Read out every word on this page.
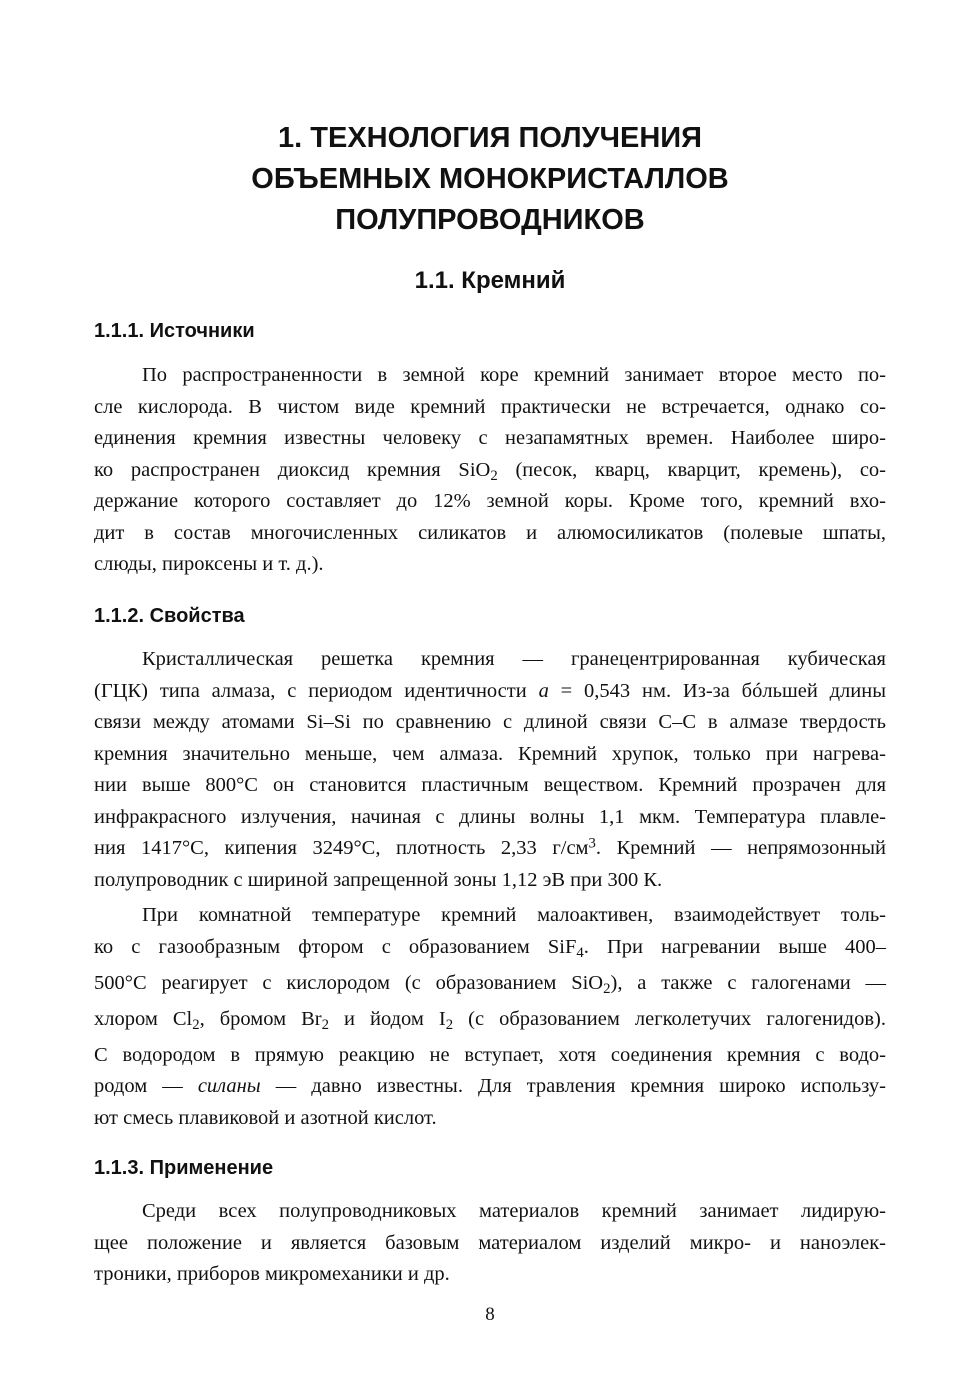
1. ТЕХНОЛОГИЯ ПОЛУЧЕНИЯ
ОБЪЕМНЫХ МОНОКРИСТАЛЛОВ
ПОЛУПРОВОДНИКОВ
1.1. Кремний
1.1.1. Источники
По распространенности в земной коре кремний занимает второе место по-
сле кислорода. В чистом виде кремний практически не встречается, однако со-
единения кремния известны человеку с незапамятных времен. Наиболее широ-
ко распространен диоксид кремния SiO$_2$ (песок, кварц, кварцит, кремень), со-
держание которого составляет до 12% земной коры. Кроме того, кремний вхо-
дит в состав многочисленных силикатов и алюмосиликатов (полевые шпаты,
слюды, пироксены и т. д.).
1.1.2. Свойства
Кристаллическая решетка кремния — гранецентрированная кубическая
(ГЦК) типа алмаза, с периодом идентичности a = 0,543 нм. Из-за бóльшей длины
связи между атомами Si–Si по сравнению с длиной связи С–С в алмазе твердость
кремния значительно меньше, чем алмаза. Кремний хрупок, только при нагрева-
нии выше 800°С он становится пластичным веществом. Кремний прозрачен для
инфракрасного излучения, начиная с длины волны 1,1 мкм. Температура плавле-
ния 1417°С, кипения 3249°С, плотность 2,33 $г/см^3$. Кремний — непрямозонный
полупроводник с шириной запрещенной зоны 1,12 эВ при 300 К.
При комнатной температуре кремний малоактивен, взаимодействует толь-
ко с газообразным фтором с образованием SiF$_4$. При нагревании выше 400–
500°С реагирует с кислородом (с образованием SiO$_2$), а также с галогенами —
хлором $Cl_2$, бромом $Br_2$ и йодом $I_2$ (с образованием легколетучих галогенидов).
С водородом в прямую реакцию не вступает, хотя соединения кремния с водо-
родом — силаны — давно известны. Для травления кремния широко использу-
ют смесь плавиковой и азотной кислот.
1.1.3. Применение
Среди всех полупроводниковых материалов кремний занимает лидирую-
щее положение и является базовым материалом изделий микро- и наноэлек-
троники, приборов микромеханики и др.
8
